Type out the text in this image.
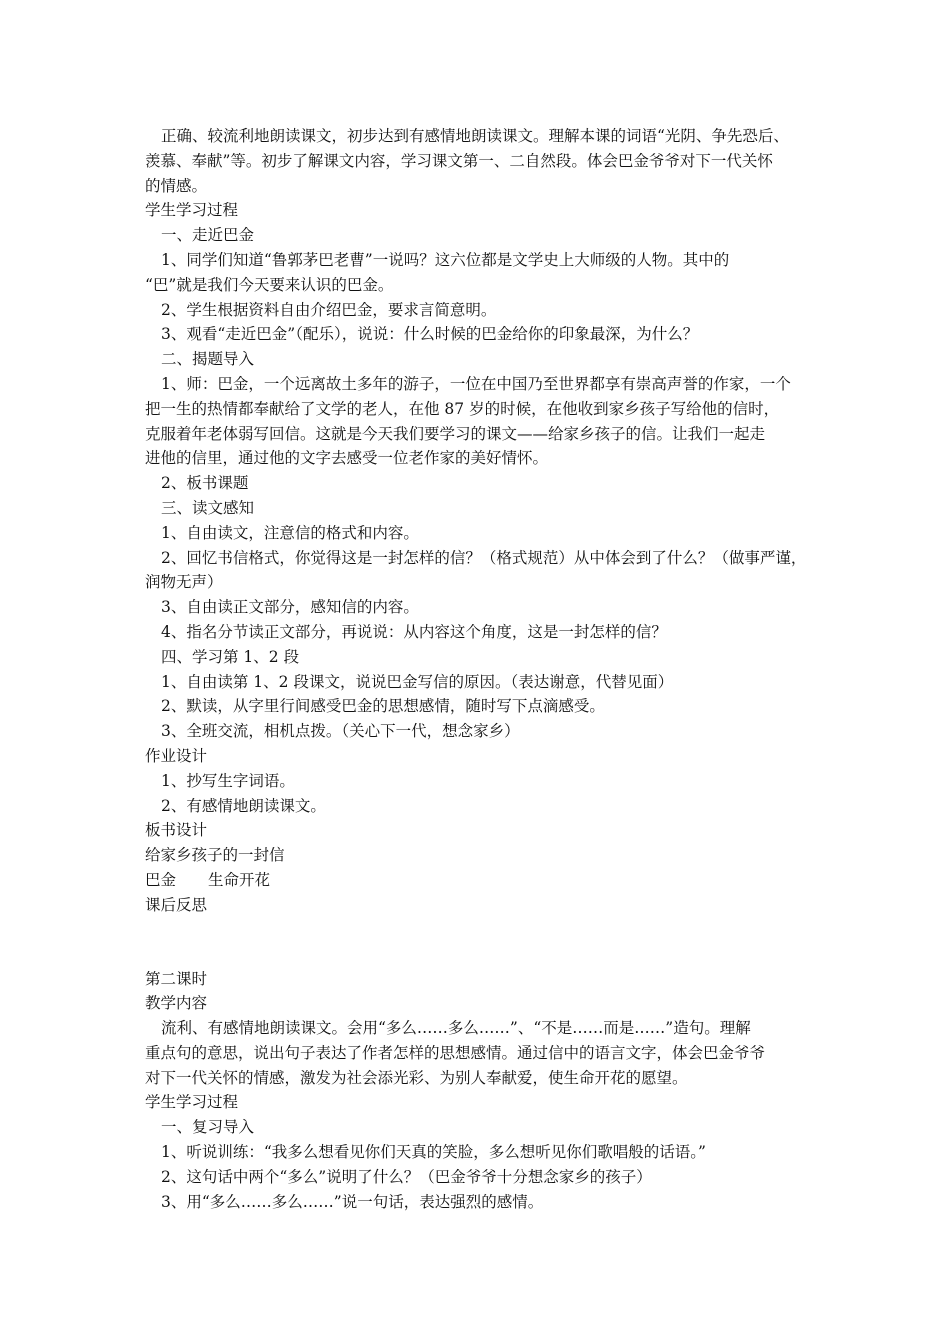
正确、较流利地朗读课文，初步达到有感情地朗读课文。理解本课的词语“光阴、争先恐后、
羡慕、奉献”等。初步了解课文内容，学习课文第一、二自然段。体会巴金爷爷对下一代关怀
的情感。
学生学习过程
一、走近巴金
1、同学们知道“鲁郭茅巴老曹”一说吗？这六位都是文学史上大师级的人物。其中的
“巴”就是我们今天要来认识的巴金。
2、学生根据资料自由介绍巴金，要求言简意明。
3、观看“走近巴金”（配乐），说说：什么时候的巴金给你的印象最深，为什么？
二、揭题导入
1、师：巴金，一个远离故土多年的游子，一位在中国乃至世界都享有崇高声誉的作家，一个
把一生的热情都奉献给了文学的老人，在他 87 岁的时候，在他收到家乡孩子写给他的信时，
克服着年老体弱写回信。这就是今天我们要学习的课文——给家乡孩子的信。让我们一起走
进他的信里，通过他的文字去感受一位老作家的美好情怀。
2、板书课题
三、读文感知
1、自由读文，注意信的格式和内容。
2、回忆书信格式，你觉得这是一封怎样的信？（格式规范）从中体会到了什么？（做事严谨，
润物无声）
3、自由读正文部分，感知信的内容。
4、指名分节读正文部分，再说说：从内容这个角度，这是一封怎样的信？
四、学习第 1、2 段
1、自由读第 1、2 段课文，说说巴金写信的原因。（表达谢意，代替见面）
2、默读，从字里行间感受巴金的思想感情，随时写下点滴感受。
3、全班交流，相机点拨。（关心下一代，想念家乡）
作业设计
1、抄写生字词语。
2、有感情地朗读课文。
板书设计
给家乡孩子的一封信
巴金 生命开花
课后反思
第二课时
教学内容
流利、有感情地朗读课文。会用“多么……多么……”、“不是……而是……”造句。理解
重点句的意思，说出句子表达了作者怎样的思想感情。通过信中的语言文字，体会巴金爷爷
对下一代关怀的情感，激发为社会添光彩、为别人奉献爱，使生命开花的愿望。
学生学习过程
一、复习导入
1、听说训练：“我多么想看见你们天真的笑脸，多么想听见你们歌唱般的话语。”
2、这句话中两个“多么”说明了什么？（巴金爷爷十分想念家乡的孩子）
3、用“多么……多么……”说一句话，表达强烈的感情。
